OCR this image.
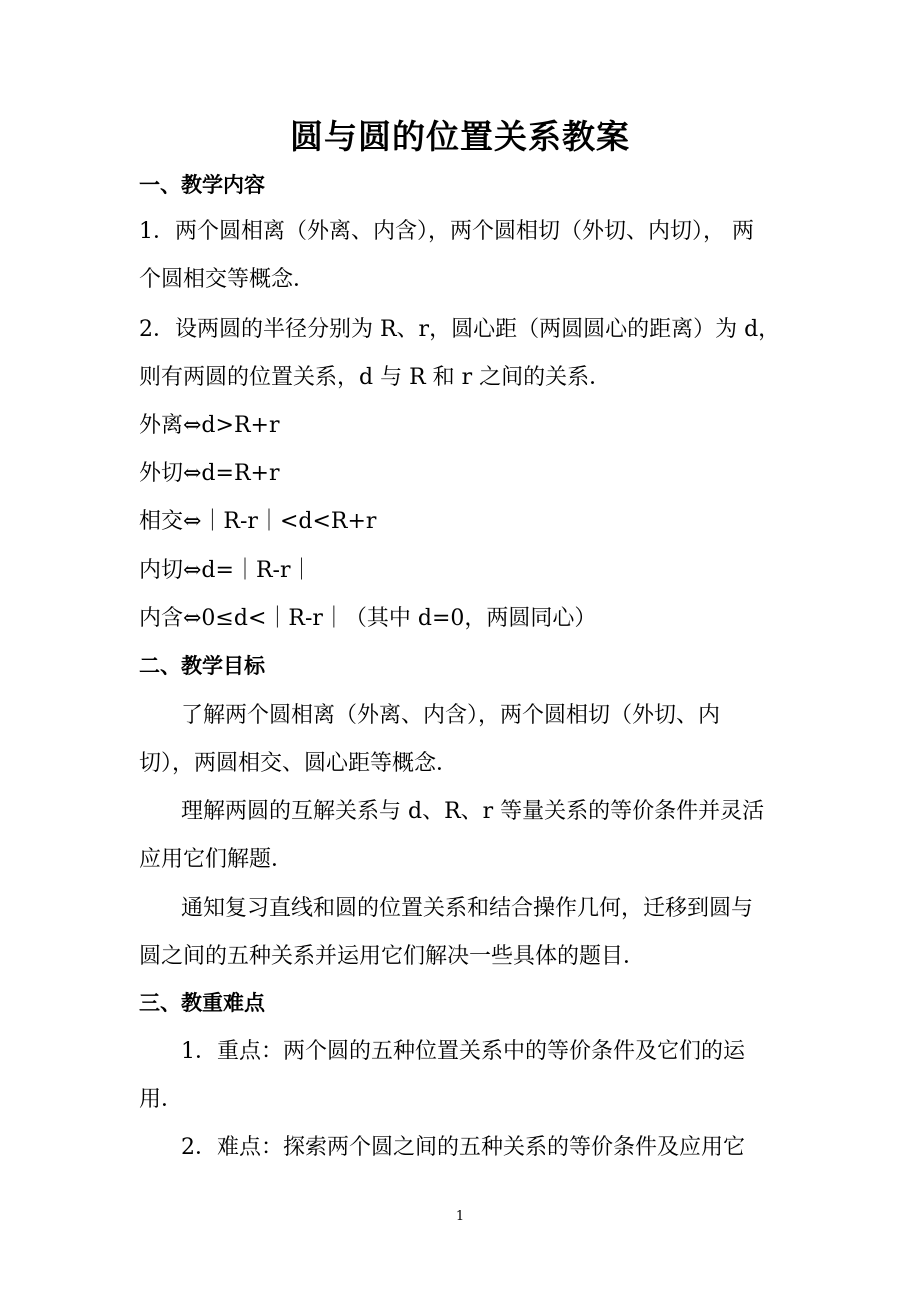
圆与圆的位置关系教案
一、教学内容
1．两个圆相离（外离、内含），两个圆相切（外切、内切）， 两
个圆相交等概念．
2．设两圆的半径分别为 R、r，圆心距（两圆圆心的距离）为 d，
则有两圆的位置关系，d 与 R 和 r 之间的关系．
外离⇔d>R+r
外切⇔d=R+r
相交⇔｜R-r｜<d<R+r
内切⇔d=｜R-r｜
内含⇔0≤d<｜R-r｜（其中 d=0，两圆同心）
二、教学目标
了解两个圆相离（外离、内含），两个圆相切（外切、内
切），两圆相交、圆心距等概念．
理解两圆的互解关系与 d、R、r 等量关系的等价条件并灵活
应用它们解题．
通知复习直线和圆的位置关系和结合操作几何，迁移到圆与
圆之间的五种关系并运用它们解决一些具体的题目．
三、教重难点
1．重点：两个圆的五种位置关系中的等价条件及它们的运
用．
2．难点：探索两个圆之间的五种关系的等价条件及应用它
1
